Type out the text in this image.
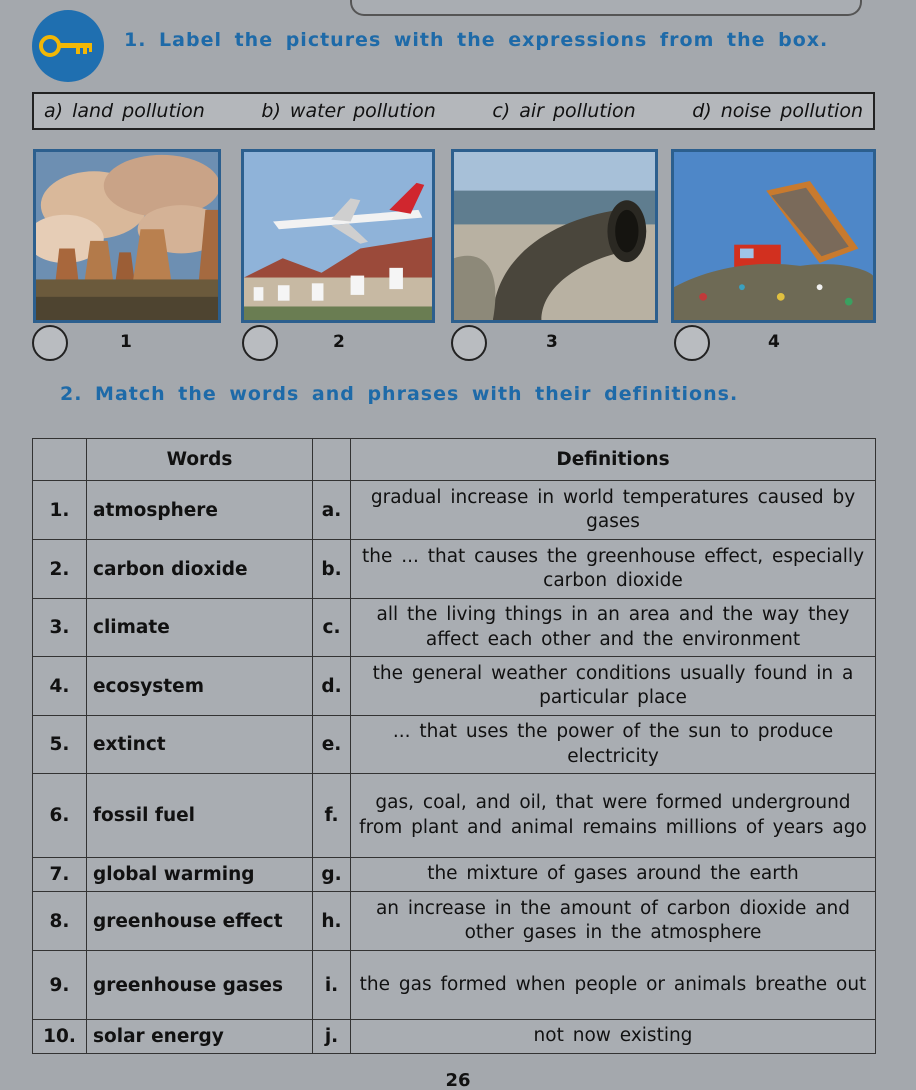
1. Label the pictures with the expressions from the box.
a) land pollution	b) water pollution	c) air pollution	d) noise pollution
1	2	3	4
2. Match the words and phrases with their definitions.
	Words		Definitions
1.	atmosphere	a.	gradual increase in world temperatures caused by gases
2.	carbon dioxide	b.	the ... that causes the greenhouse effect, especially carbon dioxide
3.	climate	c.	all the living things in an area and the way they affect each other and the environment
4.	ecosystem	d.	the general weather conditions usually found in a particular place
5.	extinct	e.	... that uses the power of the sun to produce electricity
6.	fossil fuel	f.	gas, coal, and oil, that were formed underground from plant and animal remains millions of years ago
7.	global warming	g.	the mixture of gases around the earth
8.	greenhouse effect	h.	an increase in the amount of carbon dioxide and other gases in the atmosphere
9.	greenhouse gases	i.	the gas formed when people or animals breathe out
10.	solar energy	j.	not now existing
26
